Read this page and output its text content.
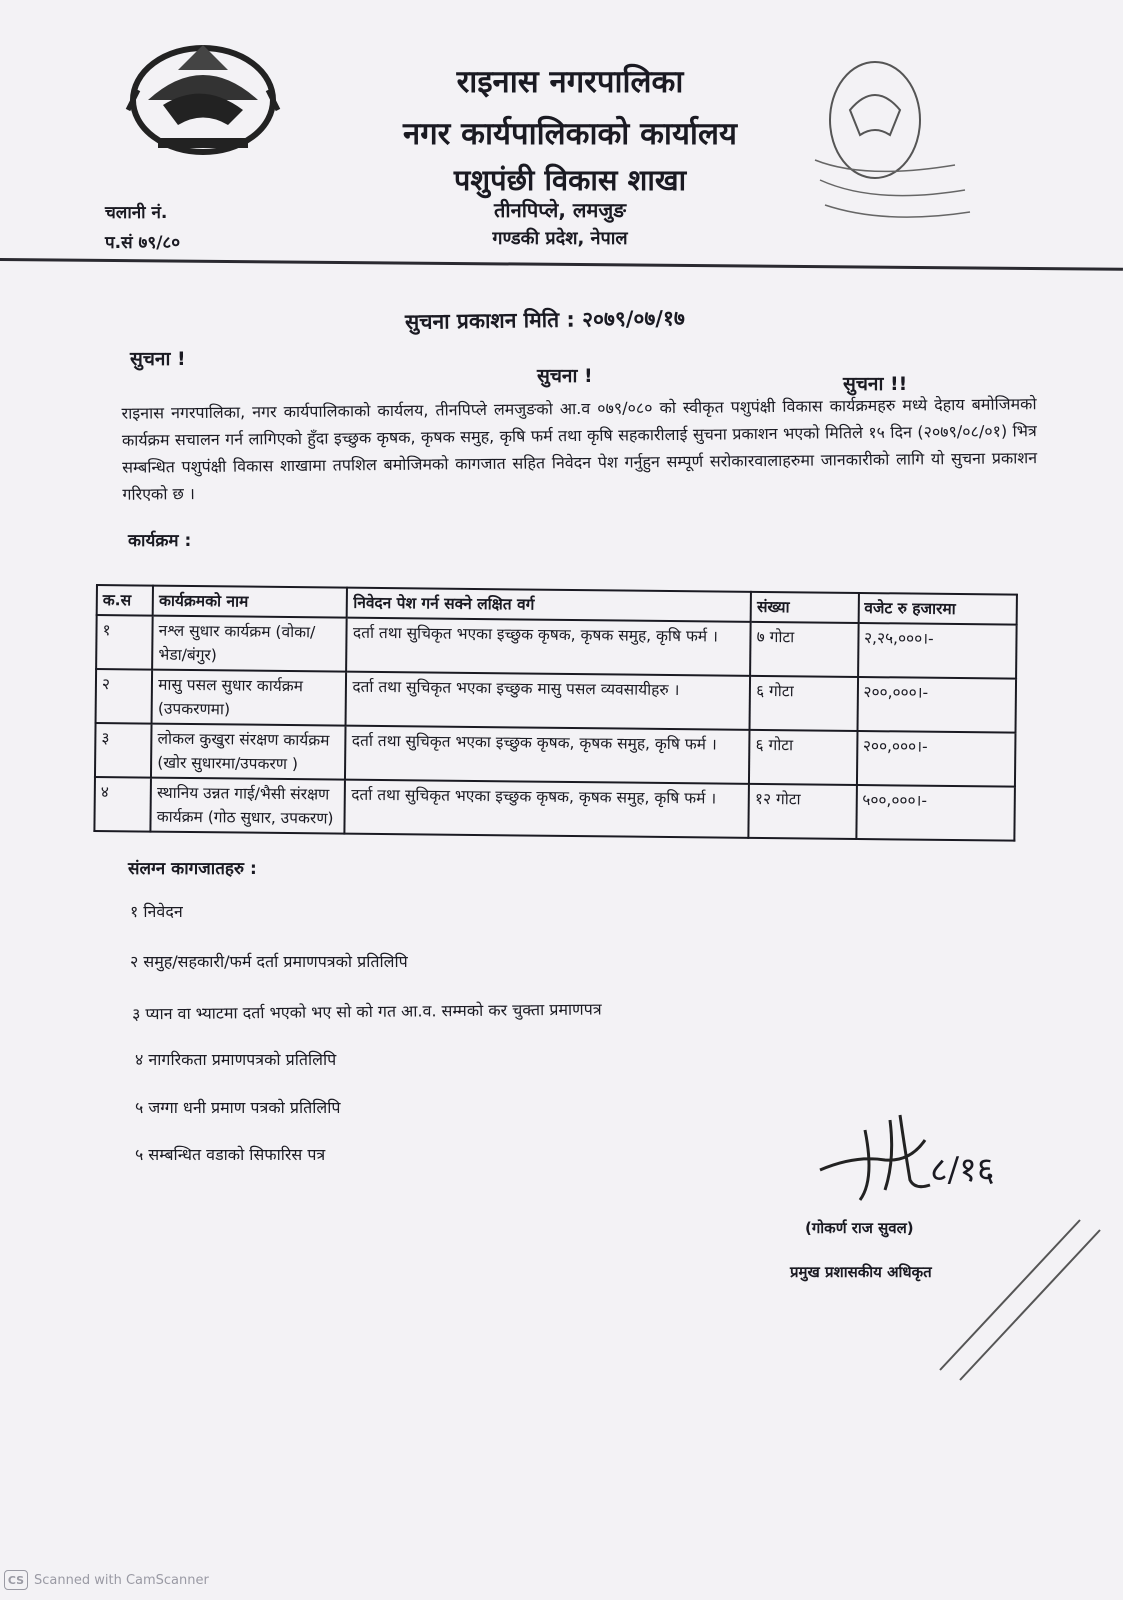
राइनास नगरपालिका
नगर कार्यपालिकाको कार्यालय
पशुपंछी विकास शाखा
तीनपिप्ले, लमजुङ
गण्डकी प्रदेश, नेपाल
चलानी नं.
प.सं ७९/८०
सुचना प्रकाशन मिति : २०७९/०७/१७
सुचना !
सुचना !	सुचना !!
राइनास नगरपालिका, नगर कार्यपालिकाको कार्यलय, तीनपिप्ले लमजुङको आ.व ०७९/०८० को स्वीकृत पशुपंक्षी विकास कार्यक्रमहरु मध्ये देहाय बमोजिमको कार्यक्रम सचालन गर्न लागिएको हुँदा इच्छुक कृषक, कृषक समुह, कृषि फर्म तथा कृषि सहकारीलाई सुचना प्रकाशन भएको मितिले १५ दिन (२०७९/०८/०१) भित्र सम्बन्धित पशुपंक्षी विकास शाखामा तपशिल बमोजिमको कागजात सहित निवेदन पेश गर्नुहुन सम्पूर्ण सरोकारवालाहरुमा जानकारीको लागि यो सुचना प्रकाशन गरिएको छ ।
कार्यक्रम :
क.स	कार्यक्रमको नाम	निवेदन पेश गर्न सक्ने लक्षित वर्ग	संख्या	वजेट रु हजारमा
१	नश्ल सुधार कार्यक्रम (वोका/भेडा/बंगुर)	दर्ता तथा सुचिकृत भएका इच्छुक कृषक, कृषक समुह, कृषि फर्म ।	७ गोटा	२,२५,०००।-
२	मासु पसल सुधार कार्यक्रम (उपकरणमा)	दर्ता तथा सुचिकृत भएका इच्छुक मासु पसल व्यवसायीहरु ।	६ गोटा	२००,०००।-
३	लोकल कुखुरा संरक्षण कार्यक्रम (खोर सुधारमा/उपकरण )	दर्ता तथा सुचिकृत भएका इच्छुक कृषक, कृषक समुह, कृषि फर्म ।	६ गोटा	२००,०००।-
४	स्थानिय उन्नत गाई/भैसी संरक्षण कार्यक्रम (गोठ सुधार, उपकरण)	दर्ता तथा सुचिकृत भएका इच्छुक कृषक, कृषक समुह, कृषि फर्म ।	१२ गोटा	५००,०००।-
संलग्न कागजातहरु :
१ निवेदन
२ समुह/सहकारी/फर्म दर्ता प्रमाणपत्रको प्रतिलिपि
३ प्यान वा भ्याटमा दर्ता भएको भए सो को गत आ.व. सम्मको कर चुक्ता प्रमाणपत्र
४ नागरिकता प्रमाणपत्रको प्रतिलिपि
५ जग्गा धनी प्रमाण पत्रको प्रतिलिपि
५ सम्बन्धित वडाको सिफारिस पत्र	८/१६
(गोकर्ण राज सुवल)
प्रमुख प्रशासकीय अधिकृत
CS Scanned with CamScanner
